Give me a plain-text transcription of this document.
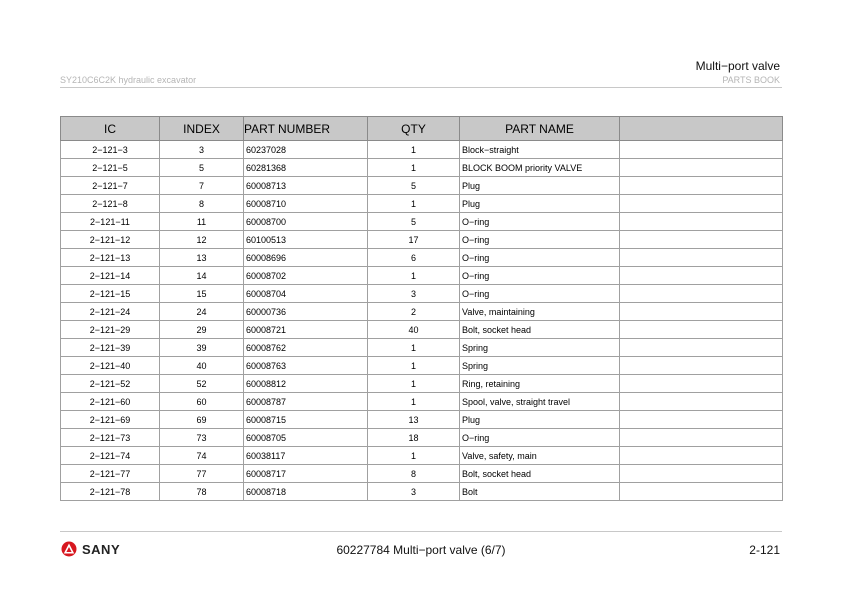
Multi−port valve
SY210C6C2K hydraulic excavator	PARTS BOOK
IC	INDEX	PART NUMBER	QTY	PART NAME	
2−121−3	3	60237028	1	Block−straight	
2−121−5	5	60281368	1	BLOCK BOOM priority VALVE	
2−121−7	7	60008713	5	Plug	
2−121−8	8	60008710	1	Plug	
2−121−11	11	60008700	5	O−ring	
2−121−12	12	60100513	17	O−ring	
2−121−13	13	60008696	6	O−ring	
2−121−14	14	60008702	1	O−ring	
2−121−15	15	60008704	3	O−ring	
2−121−24	24	60000736	2	Valve, maintaining	
2−121−29	29	60008721	40	Bolt, socket head	
2−121−39	39	60008762	1	Spring	
2−121−40	40	60008763	1	Spring	
2−121−52	52	60008812	1	Ring, retaining	
2−121−60	60	60008787	1	Spool, valve, straight travel	
2−121−69	69	60008715	13	Plug	
2−121−73	73	60008705	18	O−ring	
2−121−74	74	60038117	1	Valve, safety, main	
2−121−77	77	60008717	8	Bolt, socket head	
2−121−78	78	60008718	3	Bolt	
SANY	60227784 Multi−port valve (6/7)	2-121
